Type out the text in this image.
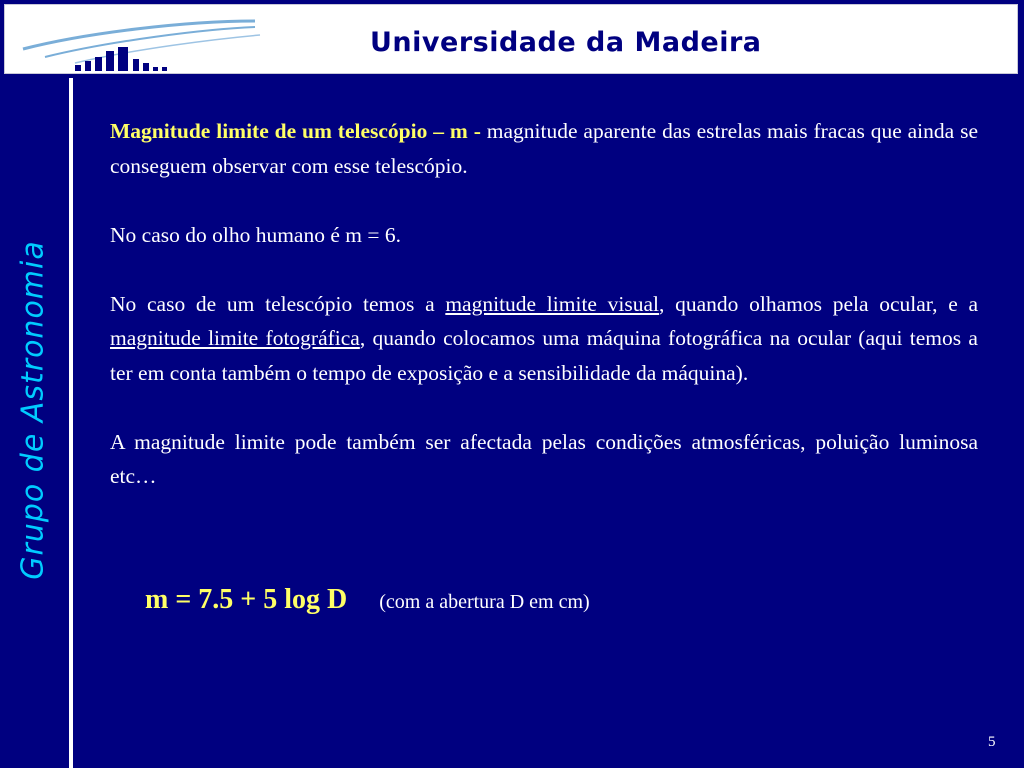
Universidade da Madeira
Grupo de Astronomia

Magnitude limite de um telescópio – m - magnitude aparente das estrelas mais fracas que ainda se conseguem observar com esse telescópio.

No caso do olho humano é m = 6.

No caso de um telescópio temos a magnitude limite visual, quando olhamos pela ocular, e a magnitude limite fotográfica, quando colocamos uma máquina fotográfica na ocular (aqui temos a ter em conta também o tempo de exposição e a sensibilidade da máquina).

A magnitude limite pode também ser afectada pelas condições atmosféricas, poluição luminosa etc…

m = 7.5 + 5 log D (com a abertura D em cm)
5
